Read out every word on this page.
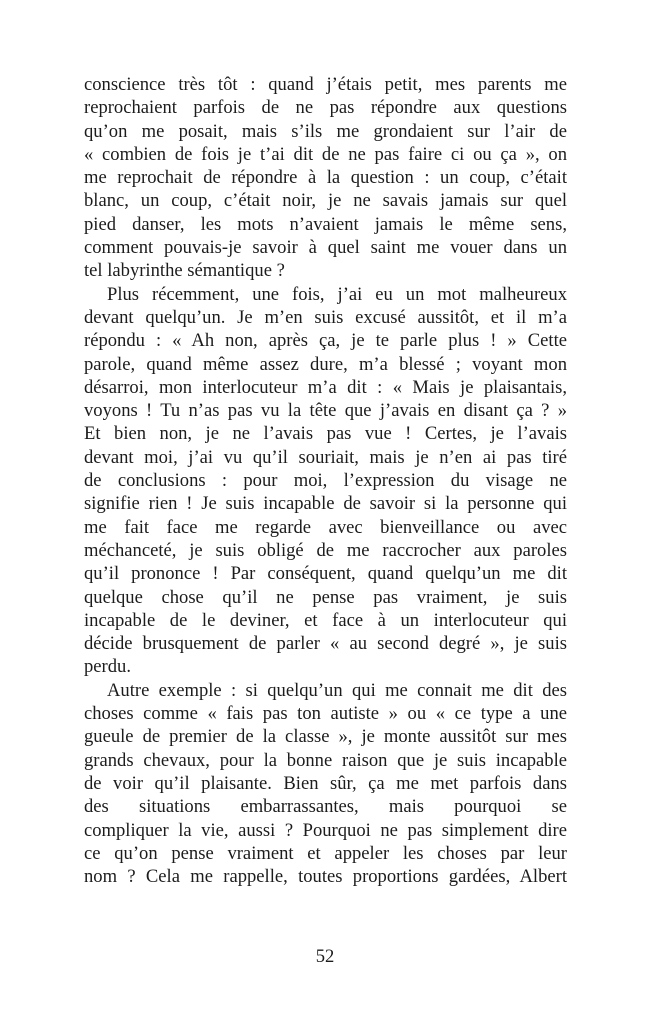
conscience très tôt : quand j’étais petit, mes parents me
reprochaient parfois de ne pas répondre aux questions
qu’on me posait, mais s’ils me grondaient sur l’air de
« combien de fois je t’ai dit de ne pas faire ci ou ça », on
me reprochait de répondre à la question : un coup, c’était
blanc, un coup, c’était noir, je ne savais jamais sur quel
pied danser, les mots n’avaient jamais le même sens,
comment pouvais-je savoir à quel saint me vouer dans un
tel labyrinthe sémantique ?
Plus récemment, une fois, j’ai eu un mot malheureux
devant quelqu’un. Je m’en suis excusé aussitôt, et il m’a
répondu : « Ah non, après ça, je te parle plus ! » Cette
parole, quand même assez dure, m’a blessé ; voyant mon
désarroi, mon interlocuteur m’a dit : « Mais je plaisantais,
voyons ! Tu n’as pas vu la tête que j’avais en disant ça ? »
Et bien non, je ne l’avais pas vue ! Certes, je l’avais
devant moi, j’ai vu qu’il souriait, mais je n’en ai pas tiré
de conclusions : pour moi, l’expression du visage ne
signifie rien ! Je suis incapable de savoir si la personne qui
me fait face me regarde avec bienveillance ou avec
méchanceté, je suis obligé de me raccrocher aux paroles
qu’il prononce ! Par conséquent, quand quelqu’un me dit
quelque chose qu’il ne pense pas vraiment, je suis
incapable de le deviner, et face à un interlocuteur qui
décide brusquement de parler « au second degré », je suis
perdu.
Autre exemple : si quelqu’un qui me connait me dit des
choses comme « fais pas ton autiste » ou « ce type a une
gueule de premier de la classe », je monte aussitôt sur mes
grands chevaux, pour la bonne raison que je suis incapable
de voir qu’il plaisante. Bien sûr, ça me met parfois dans
des situations embarrassantes, mais pourquoi se
compliquer la vie, aussi ? Pourquoi ne pas simplement dire
ce qu’on pense vraiment et appeler les choses par leur
nom ? Cela me rappelle, toutes proportions gardées, Albert
52
